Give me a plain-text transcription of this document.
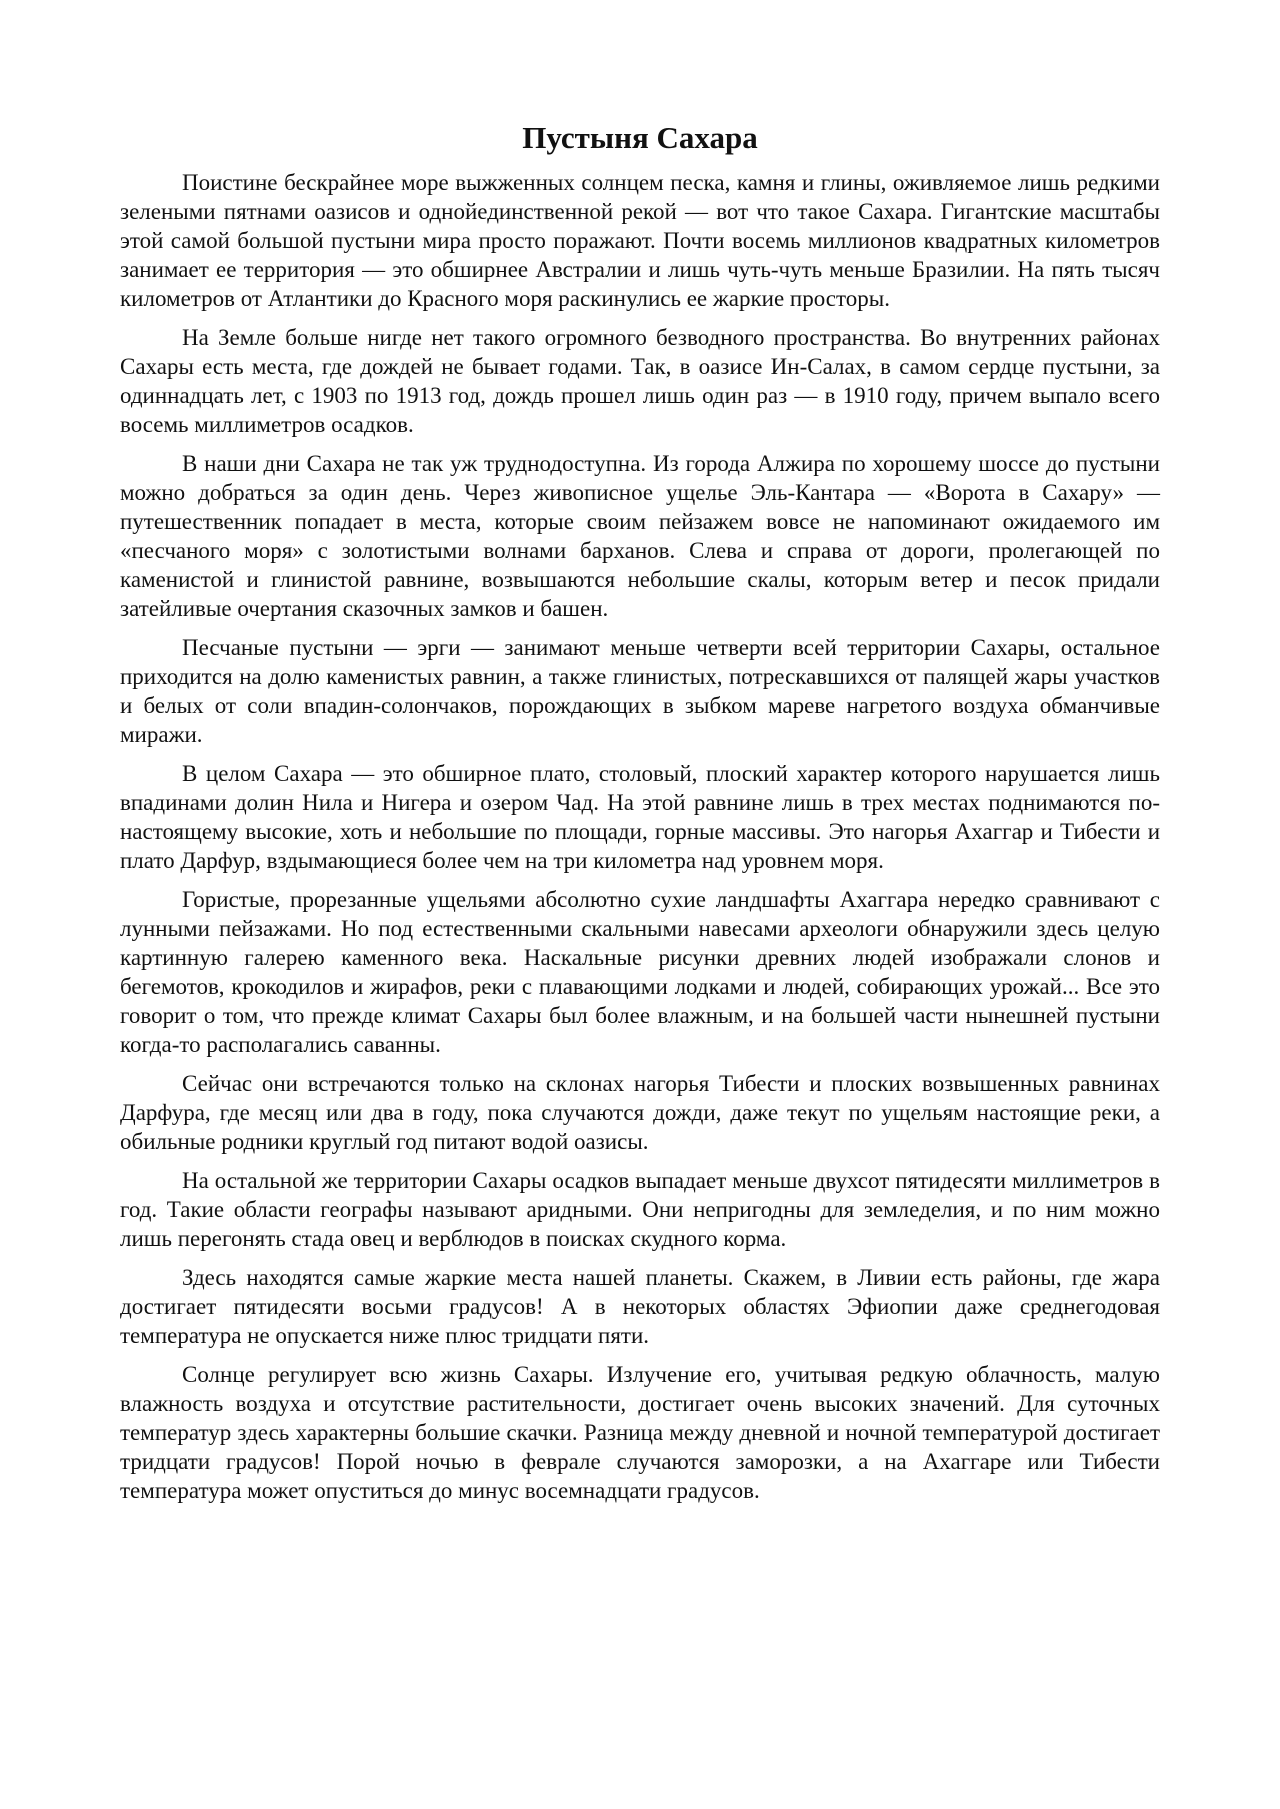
Пустыня Сахара

Поистине бескрайнее море выжженных солнцем песка, камня и глины, оживляемое лишь редкими зелеными пятнами оазисов и однойединственной рекой — вот что такое Сахара. Гигантские масштабы этой самой большой пустыни мира просто поражают. Почти восемь миллионов квадратных километров занимает ее территория — это обширнее Австралии и лишь чуть-чуть меньше Бразилии. На пять тысяч километров от Атлантики до Красного моря раскинулись ее жаркие просторы.

На Земле больше нигде нет такого огромного безводного пространства. Во внутренних районах Сахары есть места, где дождей не бывает годами. Так, в оазисе Ин-Салах, в самом сердце пустыни, за одиннадцать лет, с 1903 по 1913 год, дождь прошел лишь один раз — в 1910 году, причем выпало всего восемь миллиметров осадков.

В наши дни Сахара не так уж труднодоступна. Из города Алжира по хорошему шоссе до пустыни можно добраться за один день. Через живописное ущелье Эль-Кантара — «Ворота в Сахару» — путешественник попадает в места, которые своим пейзажем вовсе не напоминают ожидаемого им «песчаного моря» с золотистыми волнами барханов. Слева и справа от дороги, пролегающей по каменистой и глинистой равнине, возвышаются небольшие скалы, которым ветер и песок придали затейливые очертания сказочных замков и башен.

Песчаные пустыни — эрги — занимают меньше четверти всей территории Сахары, остальное приходится на долю каменистых равнин, а также глинистых, потрескавшихся от палящей жары участков и белых от соли впадин-солончаков, порождающих в зыбком мареве нагретого воздуха обманчивые миражи.

В целом Сахара — это обширное плато, столовый, плоский характер которого нарушается лишь впадинами долин Нила и Нигера и озером Чад. На этой равнине лишь в трех местах поднимаются по-настоящему высокие, хоть и небольшие по площади, горные массивы. Это нагорья Ахаггар и Тибести и плато Дарфур, вздымающиеся более чем на три километра над уровнем моря.

Гористые, прорезанные ущельями абсолютно сухие ландшафты Ахаггара нередко сравнивают с лунными пейзажами. Но под естественными скальными навесами археологи обнаружили здесь целую картинную галерею каменного века. Наскальные рисунки древних людей изображали слонов и бегемотов, крокодилов и жирафов, реки с плавающими лодками и людей, собирающих урожай... Все это говорит о том, что прежде климат Сахары был более влажным, и на большей части нынешней пустыни когда-то располагались саванны.

Сейчас они встречаются только на склонах нагорья Тибести и плоских возвышенных равнинах Дарфура, где месяц или два в году, пока случаются дожди, даже текут по ущельям настоящие реки, а обильные родники круглый год питают водой оазисы.

На остальной же территории Сахары осадков выпадает меньше двухсот пятидесяти миллиметров в год. Такие области географы называют аридными. Они непригодны для земледелия, и по ним можно лишь перегонять стада овец и верблюдов в поисках скудного корма.

Здесь находятся самые жаркие места нашей планеты. Скажем, в Ливии есть районы, где жара достигает пятидесяти восьми градусов! А в некоторых областях Эфиопии даже среднегодовая температура не опускается ниже плюс тридцати пяти.

Солнце регулирует всю жизнь Сахары. Излучение его, учитывая редкую облачность, малую влажность воздуха и отсутствие растительности, достигает очень высоких значений. Для суточных температур здесь характерны большие скачки. Разница между дневной и ночной температурой достигает тридцати градусов! Порой ночью в феврале случаются заморозки, а на Ахаггаре или Тибести температура может опуститься до минус восемнадцати градусов.
